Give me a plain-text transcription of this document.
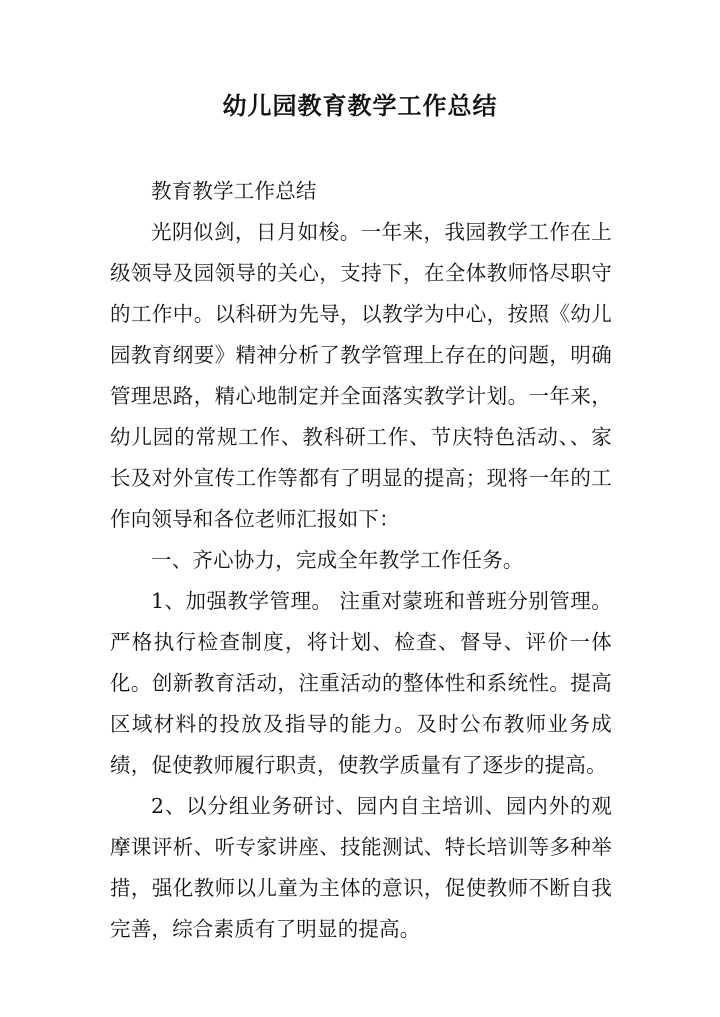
幼儿园教育教学工作总结

教育教学工作总结

光阴似剑，日月如梭。一年来，我园教学工作在上级领导及园领导的关心，支持下，在全体教师恪尽职守的工作中。以科研为先导，以教学为中心，按照《幼儿园教育纲要》精神分析了教学管理上存在的问题，明确管理思路，精心地制定并全面落实教学计划。一年来，幼儿园的常规工作、教科研工作、节庆特色活动、、家长及对外宣传工作等都有了明显的提高；现将一年的工作向领导和各位老师汇报如下：

一、齐心协力，完成全年教学工作任务。

1、加强教学管理。 注重对蒙班和普班分别管理。严格执行检查制度，将计划、检查、督导、评价一体化。创新教育活动，注重活动的整体性和系统性。提高区域材料的投放及指导的能力。及时公布教师业务成绩，促使教师履行职责，使教学质量有了逐步的提高。

2、以分组业务研讨、园内自主培训、园内外的观摩课评析、听专家讲座、技能测试、特长培训等多种举措，强化教师以儿童为主体的意识，促使教师不断自我完善，综合素质有了明显的提高。
